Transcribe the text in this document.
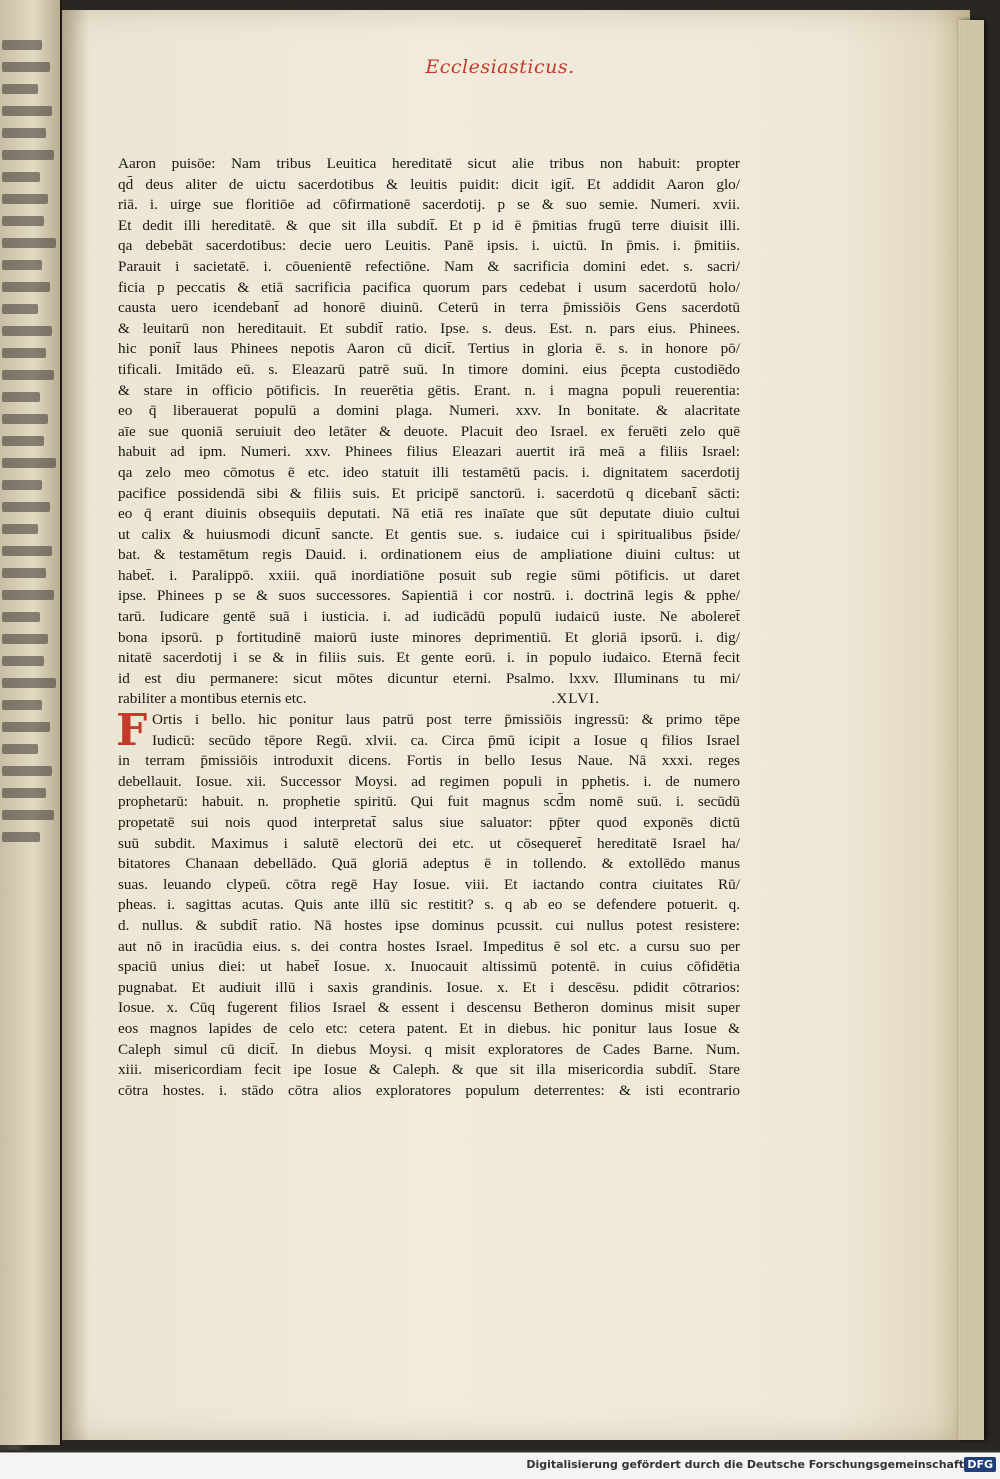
Ecclesiasticus.
Aaron puisōe: Nam tribus Leuitica hereditatē sicut alie tribus non habuit: propter
qd̄ deus aliter de uictu sacerdotibus & leuitis puidit: dicit igit̄. Et addidit Aaron glo/
riā. i. uirge sue floritiōe ad cōfirmationē sacerdotij. p se & suo semie. Numeri. xvii.
Et dedit illi hereditatē. & que sit illa subdit̄. Et p id ē p̄mitias frugū terre diuisit illi.
qa debebāt sacerdotibus: decie uero Leuitis. Panē ipsis. i. uictū. In p̄mis. i. p̄mitiis.
Parauit i sacietatē. i. cōuenientē refectiōne. Nam & sacrificia domini edet. s. sacri/
ficia p peccatis & etiā sacrificia pacifica quorum pars cedebat i usum sacerdotū holo/
causta uero icendebant̄ ad honorē diuinū. Ceterū in terra p̄missiōis Gens sacerdotū
& leuitarū non hereditauit. Et subdit̄ ratio. Ipse. s. deus. Est. n. pars eius. Phinees.
hic ponit̄ laus Phinees nepotis Aaron cū dicit̄. Tertius in gloria ē. s. in honore pō/
tificali. Imitādo eū. s. Eleazarū patrē suū. In timore domini. eius p̄cepta custodiēdo
& stare in officio pōtificis. In reuerētia gētis. Erant. n. i magna populi reuerentia:
eo q̄ liberauerat populū a domini plaga. Numeri. xxv. In bonitate. & alacritate
aīe sue quoniā seruiuit deo letāter & deuote. Placuit deo Israel. ex feruēti zelo quē
habuit ad ipm. Numeri. xxv. Phinees filius Eleazari auertit irā meā a filiis Israel:
qa zelo meo cōmotus ē etc. ideo statuit illi testamētū pacis. i. dignitatem sacerdotij
pacifice possidendā sibi & filiis suis. Et pricipē sanctorū. i. sacerdotū q dicebant̄ sācti:
eo q̄ erant diuinis obsequiis deputati. Nā etiā res inaīate que sūt deputate diuio cultui
ut calix & huiusmodi dicunt̄ sancte. Et gentis sue. s. iudaice cui i spiritualibus p̄side/
bat. & testamētum regis Dauid. i. ordinationem eius de ampliatione diuini cultus: ut
habet̄. i. Paralippō. xxiii. quā inordiatiōne posuit sub regie sūmi pōtificis. ut daret
ipse. Phinees p se & suos successores. Sapientiā i cor nostrū. i. doctrinā legis & pphe/
tarū. Iudicare gentē suā i iusticia. i. ad iudicādū populū iudaicū iuste. Ne aboleret̄
bona ipsorū. p fortitudinē maiorū iuste minores deprimentiū. Et gloriā ipsorū. i. dig/
nitatē sacerdotij i se & in filiis suis. Et gente eorū. i. in populo iudaico. Eternā fecit
id est diu permanere: sicut mōtes dicuntur eterni. Psalmo. lxxv. Illuminans tu mi/
rabiliter a montibus eternis etc.	.XLVI.
F Ortis i bello. hic ponitur laus patrū post terre p̄missiōis ingressū: & primo tēpe
Iudicū: secūdo tēpore Regū. xlvii. ca. Circa p̄mū icipit a Iosue q filios Israel
in terram p̄missiōis introduxit dicens. Fortis in bello Iesus Naue. Nā xxxi. reges
debellauit. Iosue. xii. Successor Moysi. ad regimen populi in pphetis. i. de numero
prophetarū: habuit. n. prophetie spiritū. Qui fuit magnus scd̄m nomē suū. i. secūdū
propetatē sui nois quod interpretat̄ salus siue saluator: pp̄ter quod exponēs dictū
suū subdit. Maximus i salutē electorū dei etc. ut cōsequeret̄ hereditatē Israel ha/
bitatores Chanaan debellādo. Quā gloriā adeptus ē in tollendo. & extollēdo manus
suas. leuando clypeū. cōtra regē Hay Iosue. viii. Et iactando contra ciuitates Rū/
pheas. i. sagittas acutas. Quis ante illū sic restitit? s. q ab eo se defendere potuerit. q.
d. nullus. & subdit̄ ratio. Nā hostes ipse dominus pcussit. cui nullus potest resistere:
aut nō in iracūdia eius. s. dei contra hostes Israel. Impeditus ē sol etc. a cursu suo per
spaciū unius diei: ut habet̄ Iosue. x. Inuocauit altissimū potentē. in cuius cōfidētia
pugnabat. Et audiuit illū i saxis grandinis. Iosue. x. Et i descēsu. pdidit cōtrarios:
Iosue. x. Cūq fugerent filios Israel & essent i descensu Betheron dominus misit super
eos magnos lapides de celo etc: cetera patent. Et in diebus. hic ponitur laus Iosue &
Caleph simul cū dicit̄. In diebus Moysi. q misit exploratores de Cades Barne. Num.
xiii. misericordiam fecit ipe Iosue & Caleph. & que sit illa misericordia subdit̄. Stare
cōtra hostes. i. stādo cōtra alios exploratores populum deterrentes: & isti econtrario
Digitalisierung gefördert durch die Deutsche Forschungsgemeinschaft DFG
